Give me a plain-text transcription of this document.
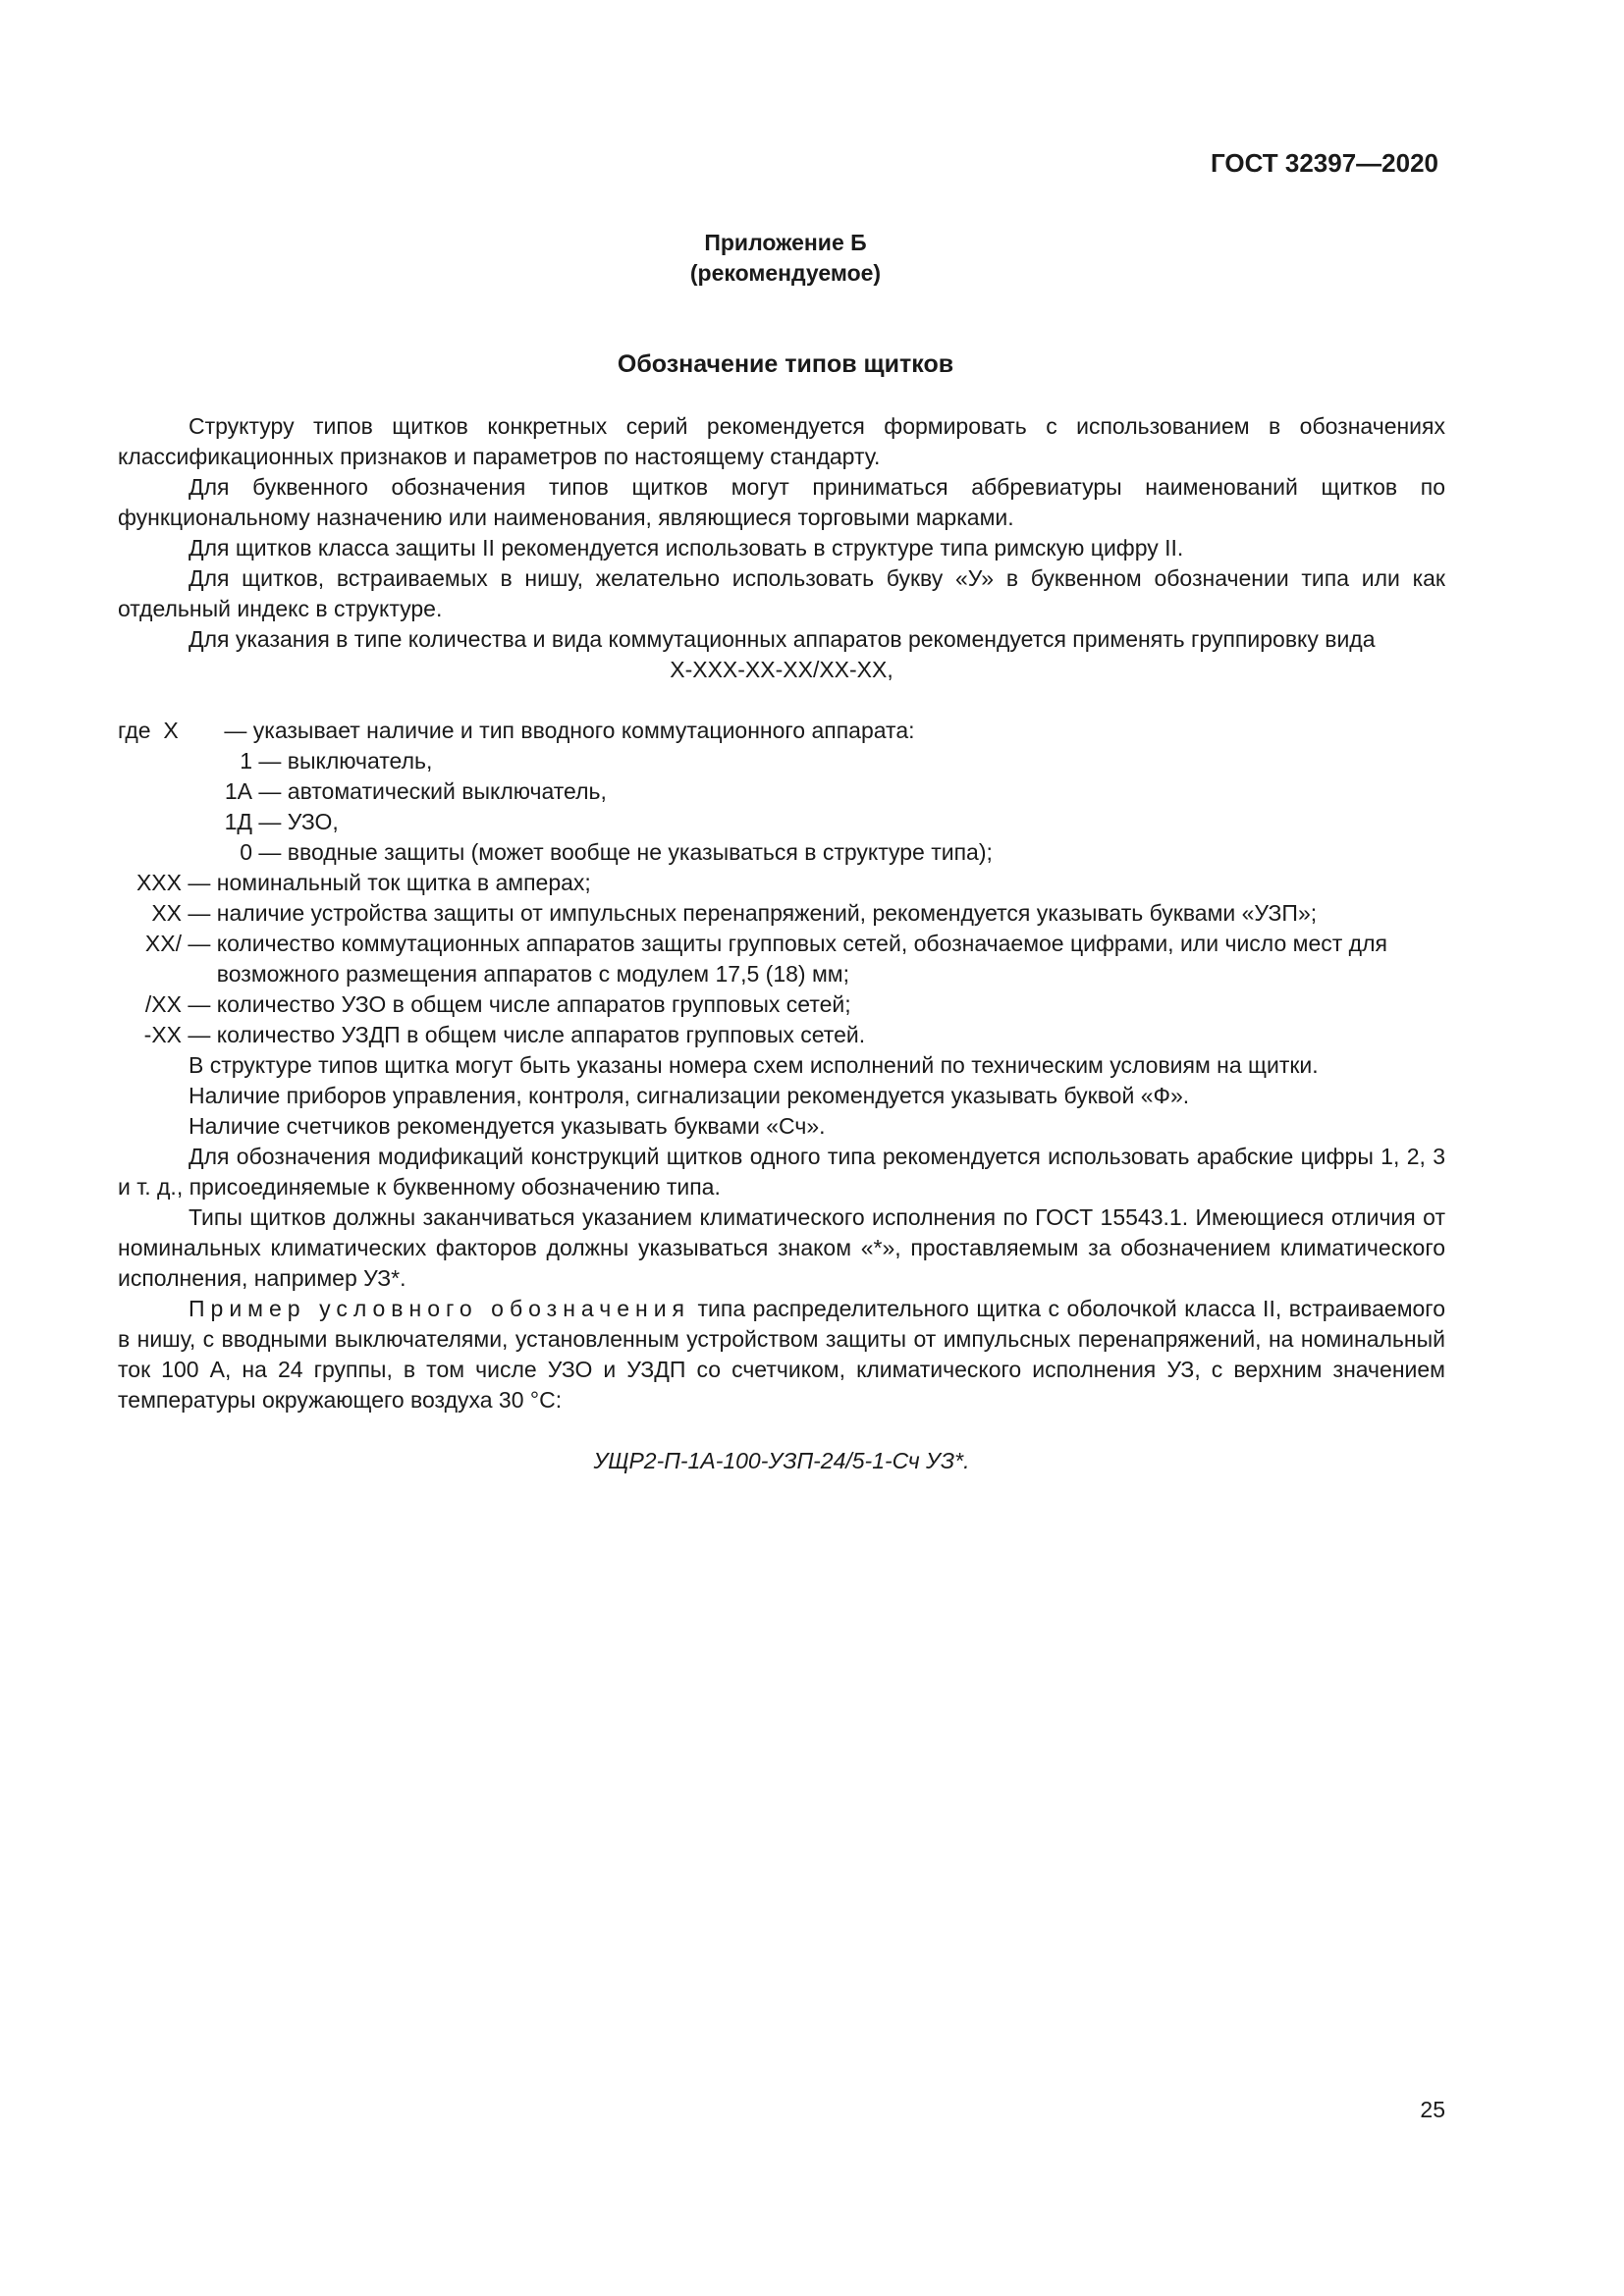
ГОСТ 32397—2020
Приложение Б
(рекомендуемое)
Обозначение типов щитков

Структуру типов щитков конкретных серий рекомендуется формировать с использованием в обозначениях классификационных признаков и параметров по настоящему стандарту.

Для буквенного обозначения типов щитков могут приниматься аббревиатуры наименований щитков по функциональному назначению или наименования, являющиеся торговыми марками.

Для щитков класса защиты II рекомендуется использовать в структуре типа римскую цифру II.

Для щитков, встраиваемых в нишу, желательно использовать букву «У» в буквенном обозначении типа или как отдельный индекс в структуре.

Для указания в типе количества и вида коммутационных аппаратов рекомендуется применять группировку вида

Х-ХХХ-ХХ-ХХ/ХХ-ХХ,

где Х	— указывает наличие и тип вводного коммутационного аппарата:
1 — выключатель,
1А — автоматический выключатель,
1Д — УЗО,
0 — вводные защиты (может вообще не указываться в структуре типа);
ХХХ — номинальный ток щитка в амперах;
ХХ — наличие устройства защиты от импульсных перенапряжений, рекомендуется указывать буквами «УЗП»;
ХХ/ — количество коммутационных аппаратов защиты групповых сетей, обозначаемое цифрами, или число мест для возможного размещения аппаратов с модулем 17,5 (18) мм;
/ХХ — количество УЗО в общем числе аппаратов групповых сетей;
-ХХ — количество УЗДП в общем числе аппаратов групповых сетей.

В структуре типов щитка могут быть указаны номера схем исполнений по техническим условиям на щитки.

Наличие приборов управления, контроля, сигнализации рекомендуется указывать буквой «Ф».

Наличие счетчиков рекомендуется указывать буквами «Сч».

Для обозначения модификаций конструкций щитков одного типа рекомендуется использовать арабские цифры 1, 2, 3 и т. д., присоединяемые к буквенному обозначению типа.

Типы щитков должны заканчиваться указанием климатического исполнения по ГОСТ 15543.1. Имеющиеся отличия от номинальных климатических факторов должны указываться знаком «*», проставляемым за обозначением климатического исполнения, например УЗ*.

Пример условного обозначения типа распределительного щитка с оболочкой класса II, встраиваемого в нишу, с вводными выключателями, установленным устройством защиты от импульсных перенапряжений, на номинальный ток 100 А, на 24 группы, в том числе УЗО и УЗДП со счетчиком, климатического исполнения УЗ, с верхним значением температуры окружающего воздуха 30 °С:

УЩР2-П-1А-100-УЗП-24/5-1-Сч УЗ*.

25
